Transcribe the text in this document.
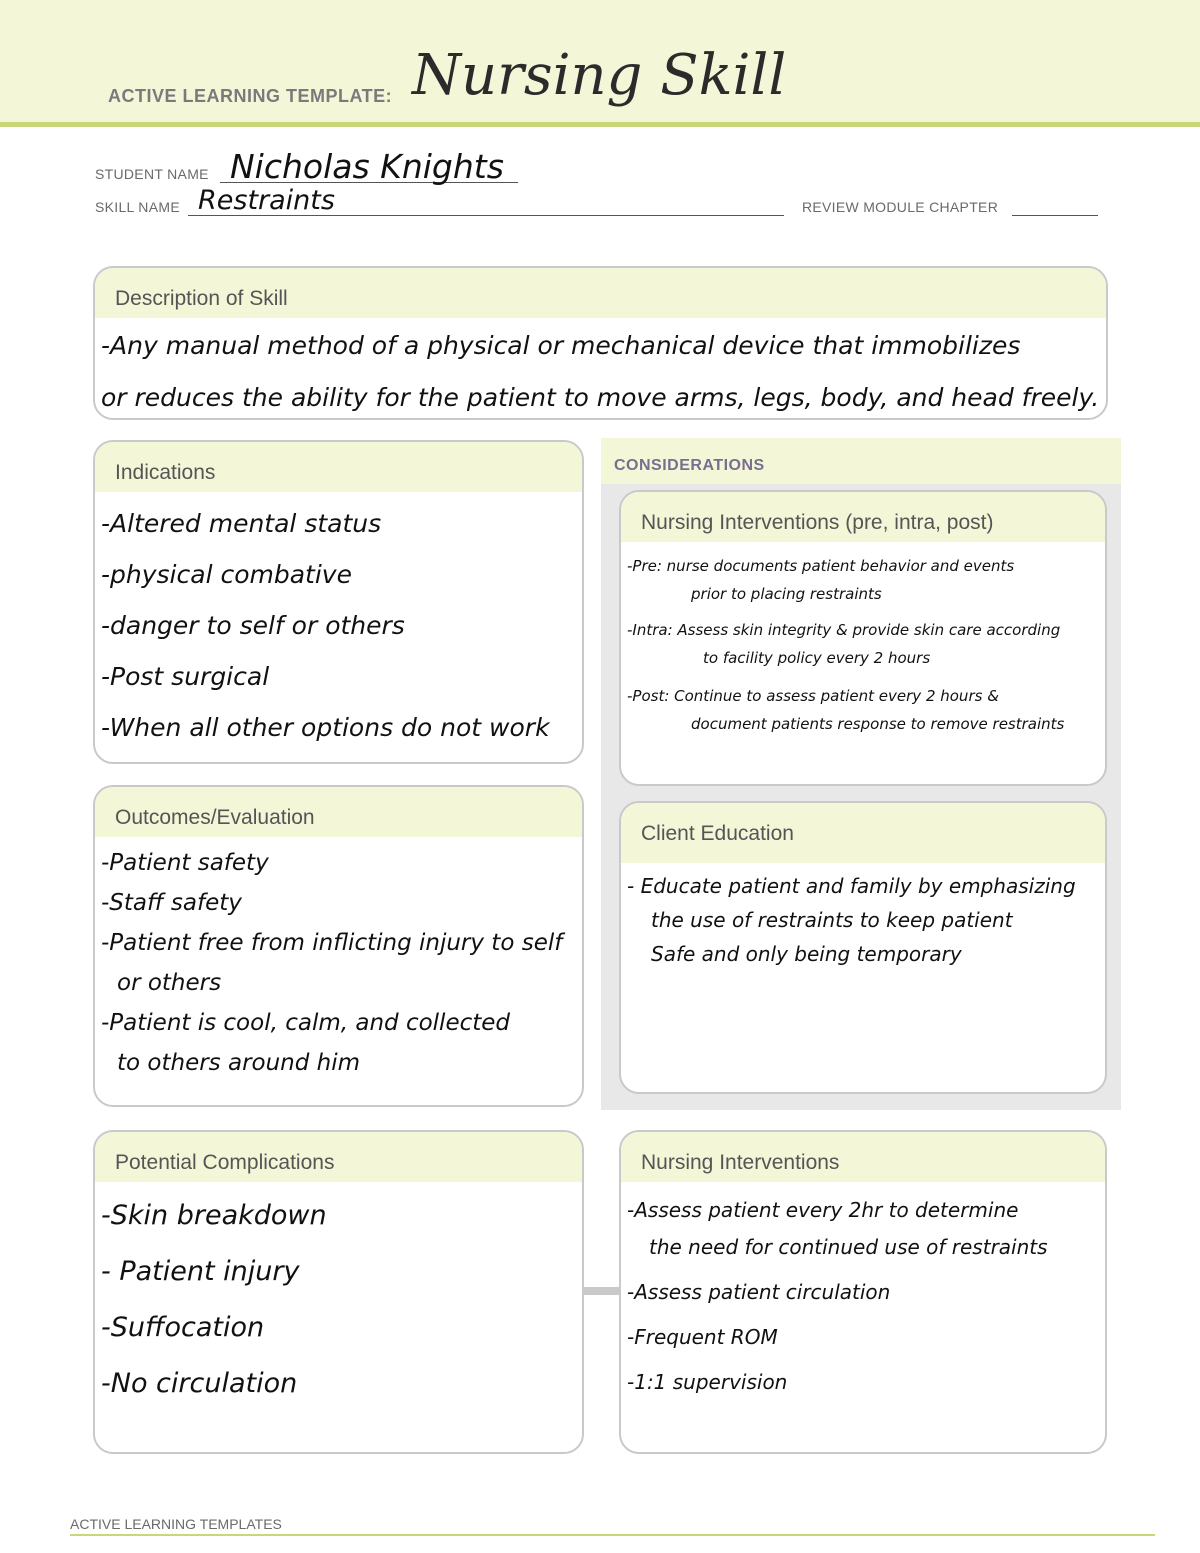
ACTIVE LEARNING TEMPLATE: Nursing Skill
STUDENT NAME Nicholas Knights
SKILL NAME Restraints	REVIEW MODULE CHAPTER
Description of Skill
-Any manual method of a physical or mechanical device that immobilizes
or reduces the ability for the patient to move arms, legs, body, and head freely.
Indications
-Altered mental status
-physical combative
-danger to self or others
-Post surgical
-When all other options do not work
Outcomes/Evaluation
-Patient safety
-Staff safety
-Patient free from inflicting injury to self
or others
-Patient is cool, calm, and collected
to others around him
CONSIDERATIONS
Nursing Interventions (pre, intra, post)
-Pre: nurse documents patient behavior and events
prior to placing restraints
-Intra: Assess skin integrity & provide skin care according
to facility policy every 2 hours
-Post: Continue to assess patient every 2 hours &
document patients response to remove restraints
Client Education
- Educate patient and family by emphasizing
the use of restraints to keep patient
Safe and only being temporary
Potential Complications
-Skin breakdown
- Patient injury
-Suffocation
-No circulation
Nursing Interventions
-Assess patient every 2hr to determine
the need for continued use of restraints
-Assess patient circulation
-Frequent ROM
-1:1 supervision
ACTIVE LEARNING TEMPLATES
